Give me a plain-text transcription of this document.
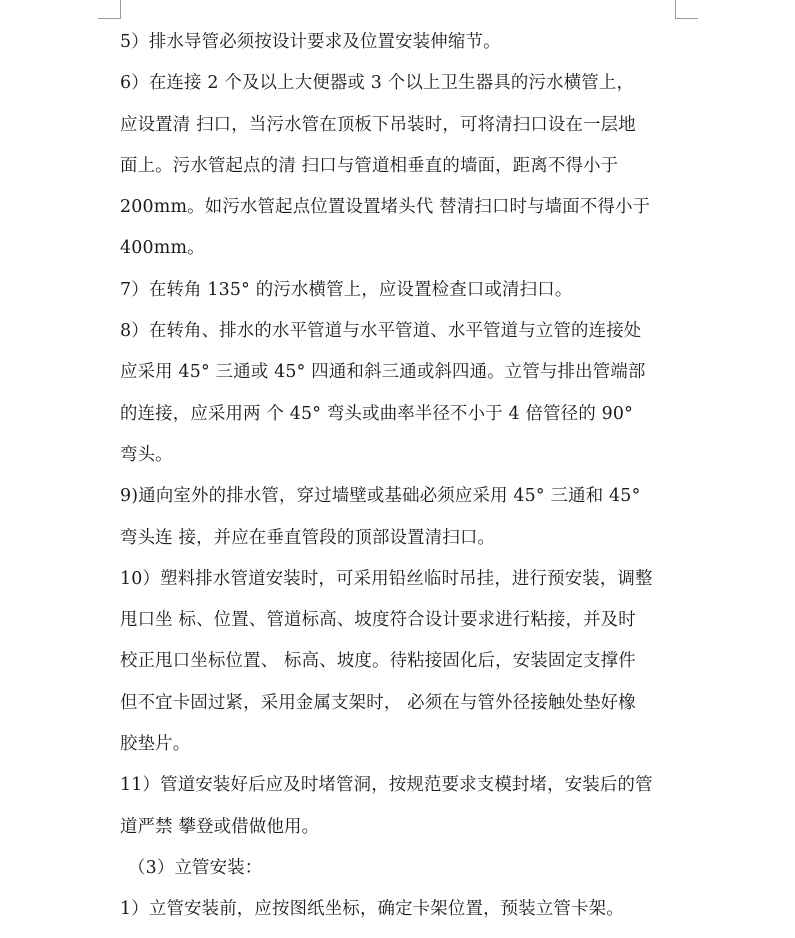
5）排水导管必须按设计要求及位置安装伸缩节。
6）在连接 2 个及以上大便器或 3 个以上卫生器具的污水横管上，
应设置清 扫口，当污水管在顶板下吊装时，可将清扫口设在一层地
面上。污水管起点的清 扫口与管道相垂直的墙面，距离不得小于
200mm。如污水管起点位置设置堵头代 替清扫口时与墙面不得小于
400mm。
7）在转角 135° 的污水横管上，应设置检查口或清扫口。
8）在转角、排水的水平管道与水平管道、水平管道与立管的连接处
应采用 45° 三通或 45° 四通和斜三通或斜四通。立管与排出管端部
的连接，应采用两 个 45° 弯头或曲率半径不小于 4 倍管径的 90°
弯头。
9)通向室外的排水管，穿过墙壁或基础必须应采用 45° 三通和 45°
弯头连 接，并应在垂直管段的顶部设置清扫口。
10）塑料排水管道安装时，可采用铅丝临时吊挂，进行预安装，调整
甩口坐 标、位置、管道标高、坡度符合设计要求进行粘接，并及时
校正甩口坐标位置、 标高、坡度。待粘接固化后，安装固定支撑件
但不宜卡固过紧，采用金属支架时， 必须在与管外径接触处垫好橡
胶垫片。
11）管道安装好后应及时堵管洞，按规范要求支模封堵，安装后的管
道严禁 攀登或借做他用。
（3）立管安装：
1）立管安装前，应按图纸坐标，确定卡架位置，预装立管卡架。
